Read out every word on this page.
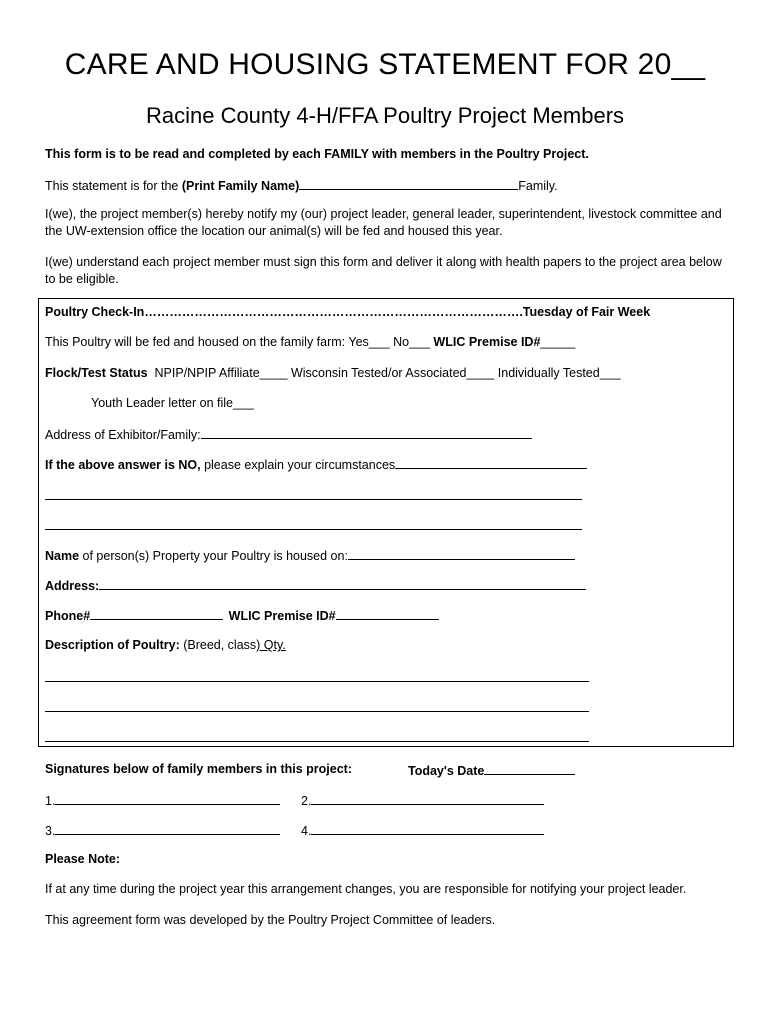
CARE AND HOUSING STATEMENT FOR 20__
Racine County 4-H/FFA Poultry Project Members
This form is to be read and completed by each FAMILY with members in the Poultry Project.
This statement is for the (Print Family Name)	Family.
I(we), the project member(s) hereby notify my (our) project leader, general leader, superintendent, livestock committee and the UW-extension office the location our animal(s) will be fed and housed this year.
I(we) understand each project member must sign this form and deliver it along with health papers to the project area below to be eligible.
Poultry Check-In……………………………………………………………………………….Tuesday of Fair Week
This Poultry will be fed and housed on the family farm: Yes___ No___ WLIC Premise ID#_____
Flock/Test Status  NPIP/NPIP Affiliate____ Wisconsin Tested/or Associated____ Individually Tested___
Youth Leader letter on file___
Address of Exhibitor/Family:
If the above answer is NO, please explain your circumstances
Name of person(s) Property your Poultry is housed on:
Address:
Phone#	WLIC Premise ID#
Description of Poultry: (Breed, class) Qty.
Signatures below of family members in this project:	Today's Date
1.	2.
3.	4.
Please Note:
If at any time during the project year this arrangement changes, you are responsible for notifying your project leader.
This agreement form was developed by the Poultry Project Committee of leaders.
